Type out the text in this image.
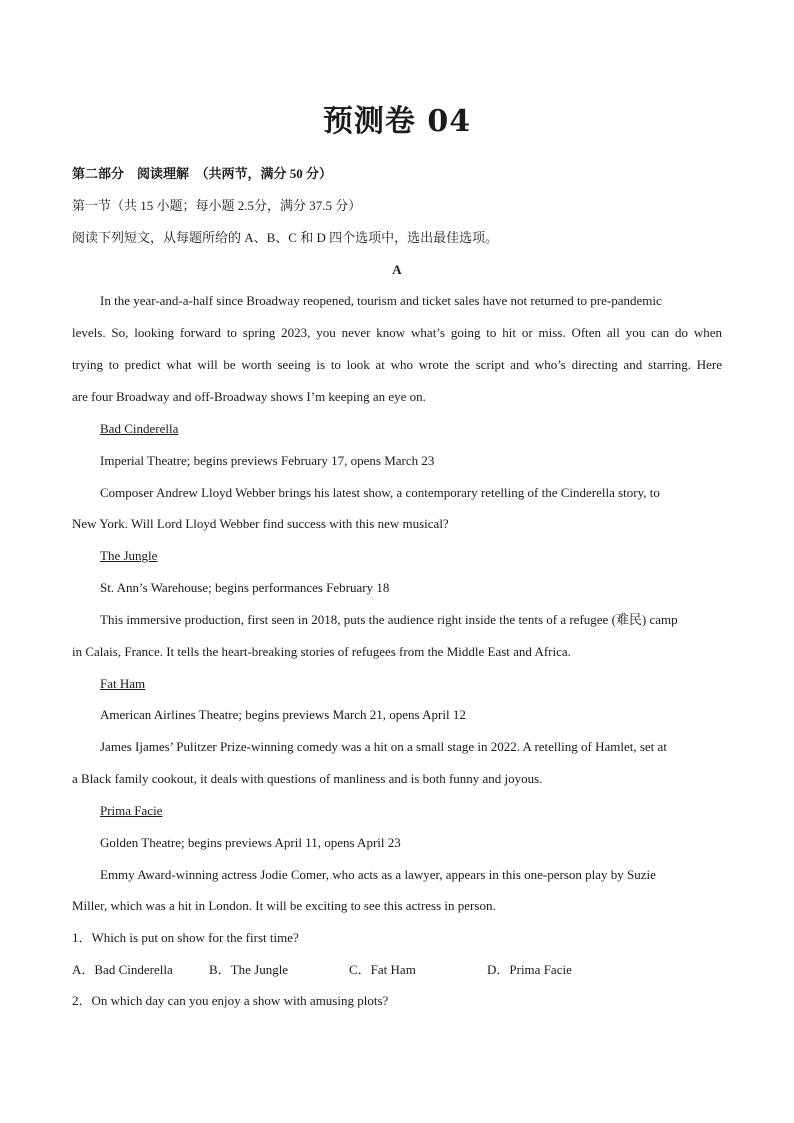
预测卷 04
第二部分　阅读理解　（共两节，满分 50 分）
第一节（共 15 小题；每小题 2.5分，满分 37.5 分）
阅读下列短文，从每题所给的 A、B、C 和 D 四个选项中，选出最佳选项。
A
In the year-and-a-half since Broadway reopened, tourism and ticket sales have not returned to pre-pandemic
levels. So, looking forward to spring 2023, you never know what’s going to hit or miss. Often all you can do when
trying to predict what will be worth seeing is to look at who wrote the script and who’s directing and starring. Here
are four Broadway and off-Broadway shows I’m keeping an eye on.
Bad Cinderella
Imperial Theatre; begins previews February 17, opens March 23
Composer Andrew Lloyd Webber brings his latest show, a contemporary retelling of the Cinderella story, to
New York. Will Lord Lloyd Webber find success with this new musical?
The Jungle
St. Ann’s Warehouse; begins performances February 18
This immersive production, first seen in 2018, puts the audience right inside the tents of a refugee (难民) camp
in Calais, France. It tells the heart-breaking stories of refugees from the Middle East and Africa.
Fat Ham
American Airlines Theatre; begins previews March 21, opens April 12
James Ijames’ Pulitzer Prize-winning comedy was a hit on a small stage in 2022. A retelling of Hamlet, set at
a Black family cookout, it deals with questions of manliness and is both funny and joyous.
Prima Facie
Golden Theatre; begins previews April 11, opens April 23
Emmy Award-winning actress Jodie Comer, who acts as a lawyer, appears in this one-person play by Suzie
Miller, which was a hit in London. It will be exciting to see this actress in person.
1．Which is put on show for the first time?
A．Bad Cinderella	B．The Jungle	C．Fat Ham	D．Prima Facie
2．On which day can you enjoy a show with amusing plots?
